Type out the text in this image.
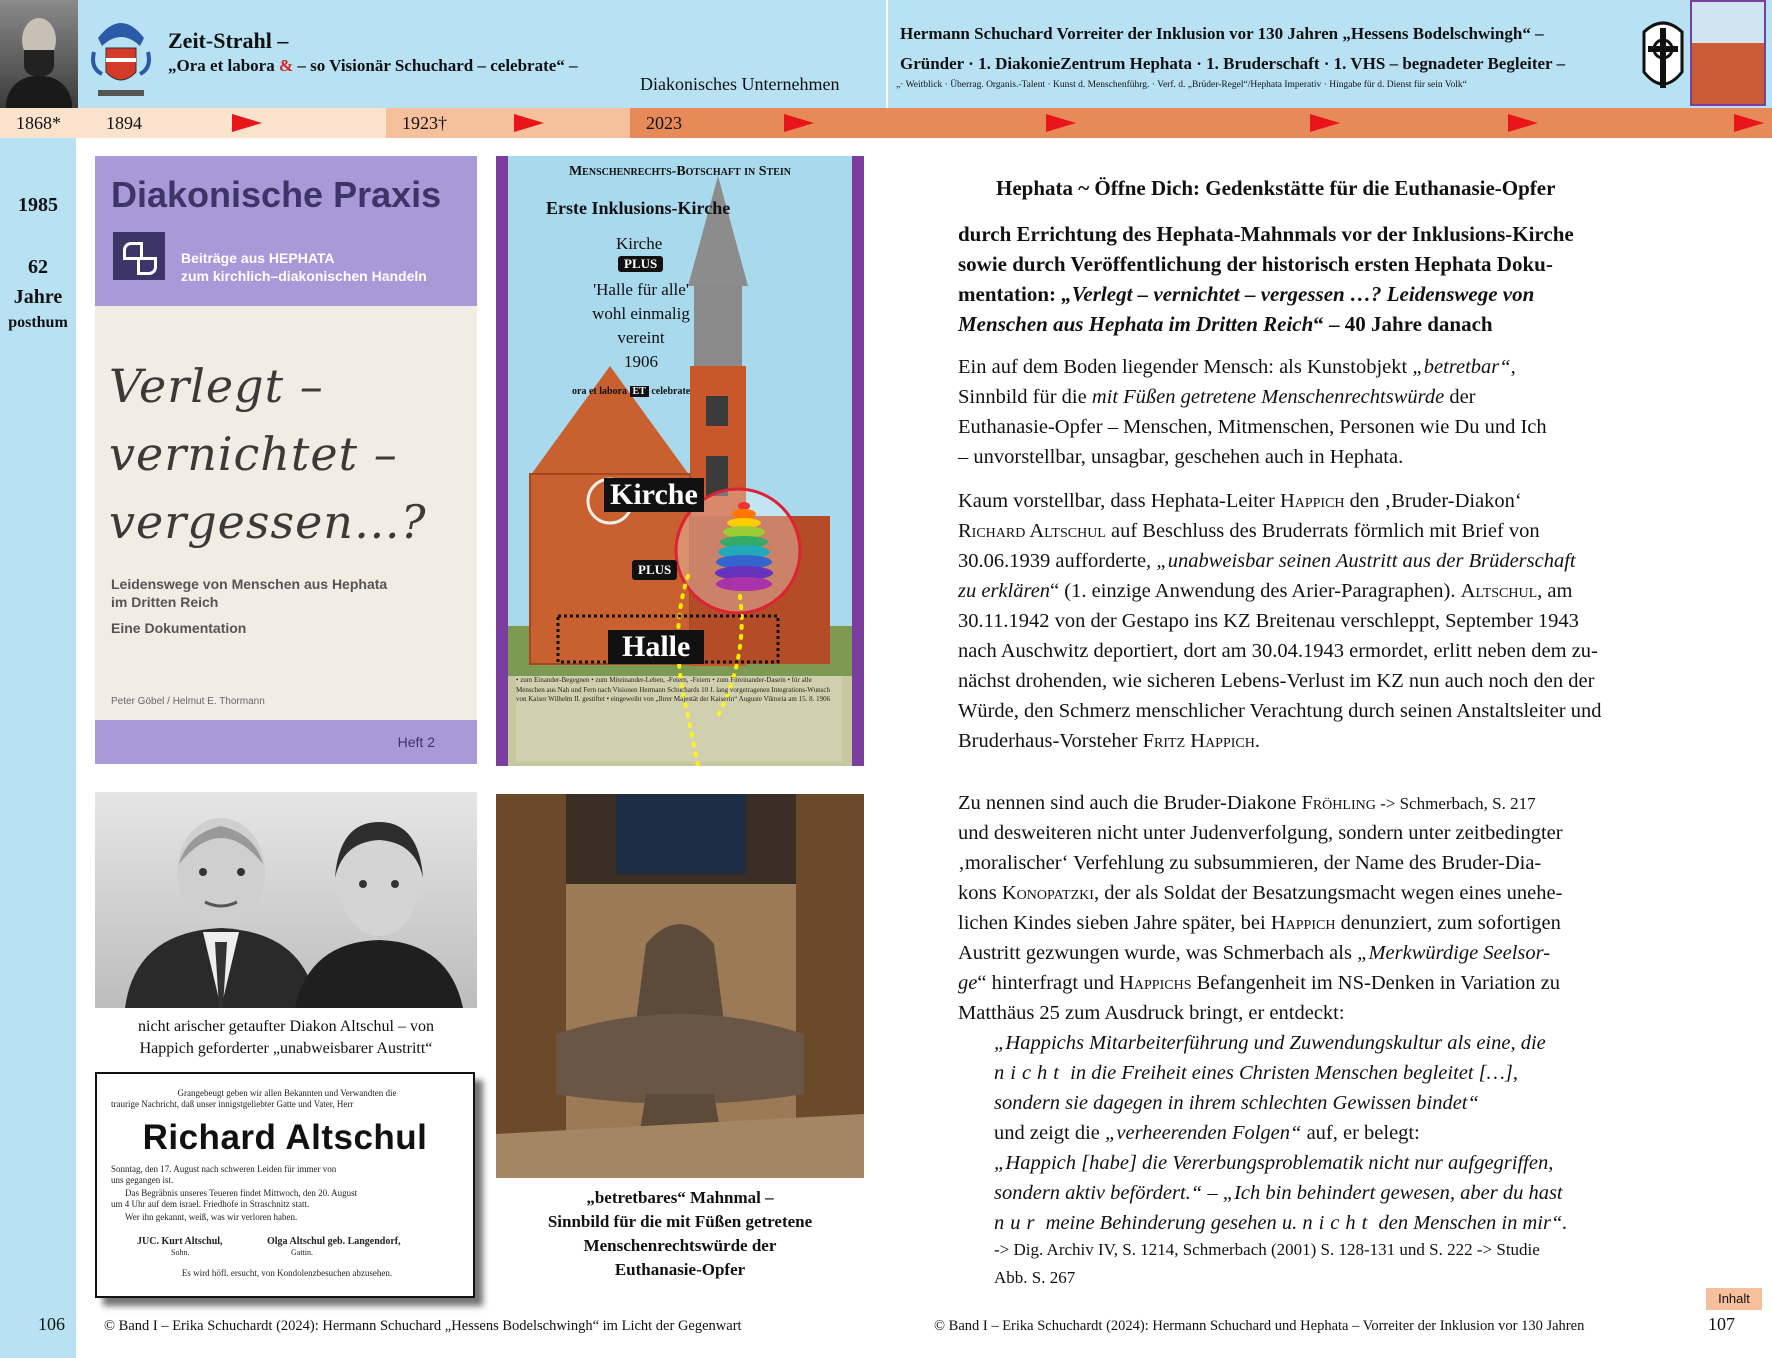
Zeit-Strahl –
„Ora et labora & – so Visionär Schuchard – celebrate“ –
Diakonisches Unternehmen
Hermann Schuchard Vorreiter der Inklusion vor 130 Jahren „Hessens Bodelschwingh“ –
Gründer · 1. DiakonieZentrum Hephata · 1. Bruderschaft · 1. VHS – begnadeter Begleiter –
„· Weitblick · Überrag. Organis.-Talent · Kunst d. Menschenführg. · Verf. d. „Brüder-Regel“/Hephata Imperativ · Hingabe für d. Dienst für sein Volk“
1868*	1894	1923†	2023
1985
62
Jahre
posthum
Diakonische Praxis
Beiträge aus HEPHATA
zum kirchlich–diakonischen Handeln
Verlegt –
vernichtet –
vergessen…?
Leidenswege von Menschen aus Hephata
im Dritten Reich
Eine Dokumentation
Peter Göbel / Helmut E. Thormann
Heft 2
Menschenrechts-Botschaft in Stein
Erste Inklusions-Kirche
Kirche
PLUS
'Halle für alle'
wohl einmalig
vereint
1906
ora et labora ET celebrate
Kirche
PLUS
Halle
• zum Einander-Begegnen • zum Miteinander-Leben, -Feiern, -Feiern • zum Füreinander-Dasein • für alle Menschen aus Nah und Fern nach Visionen Hermann Schuchards 10 J. lang vorgetragenen Integrations-Wunsch von Kaiser Wilhelm II. gestiftet • eingeweiht von „Ihrer Majestät der Kaiserin“ Auguste Viktoria am 15. 8. 1906
100 Jahre Kirche in Hephata 1906–2006	Erste Inklusions-Kirche Kirche Plus 'Halle für alle'
nicht arischer getaufter Diakon Altschul – von
Happich geforderter „unabweisbarer Austritt“
Grangebeugt geben wir allen Bekannten und Verwandten die
traurige Nachricht, daß unser innigstgeliebter Gatte und Vater, Herr
Richard Altschul
Sonntag, den 17. August nach schweren Leiden für immer von
uns gegangen ist.
Das Begräbnis unseres Teueren findet Mittwoch, den 20. August
um 4 Uhr auf dem israel. Friedhofe in Straschnitz statt.
Wer ihn gekannt, weiß, was wir verloren haben.
JUC. Kurt Altschul,
Sohn.
Olga Altschul geb. Langendorf,
Gattin.
Es wird höfl. ersucht, von Kondolenzbesuchen abzusehen.
„betretbares“ Mahnmal –
Sinnbild für die mit Füßen getretene
Menschenrechtswürde der
Euthanasie-Opfer
Hephata ~ Öffne Dich: Gedenkstätte für die Euthanasie-Opfer
durch Errichtung des Hephata-Mahnmals vor der Inklusions-Kirche
sowie durch Veröffentlichung der historisch ersten Hephata Doku-
mentation: „Verlegt – vernichtet – vergessen …? Leidenswege von
Menschen aus Hephata im Dritten Reich“ – 40 Jahre danach
Ein auf dem Boden liegender Mensch: als Kunstobjekt „betretbar“,
Sinnbild für die mit Füßen getretene Menschenrechtswürde der
Euthanasie-Opfer – Menschen, Mitmenschen, Personen wie Du und Ich
– unvorstellbar, unsagbar, geschehen auch in Hephata.
Kaum vorstellbar, dass Hephata-Leiter Happich den ‚Bruder-Diakon‘
Richard Altschul auf Beschluss des Bruderrats förmlich mit Brief von
30.06.1939 aufforderte, „unabweisbar seinen Austritt aus der Brüderschaft
zu erklären“ (1. einzige Anwendung des Arier-Paragraphen). Altschul, am
30.11.1942 von der Gestapo ins KZ Breitenau verschleppt, September 1943
nach Auschwitz deportiert, dort am 30.04.1943 ermordet, erlitt neben dem zu-
nächst drohenden, wie sicheren Lebens-Verlust im KZ nun auch noch den der
Würde, den Schmerz menschlicher Verachtung durch seinen Anstaltsleiter und
Bruderhaus-Vorsteher Fritz Happich.
Zu nennen sind auch die Bruder-Diakone Fröhling -> Schmerbach, S. 217
und desweiteren nicht unter Judenverfolgung, sondern unter zeitbedingter
‚moralischer‘ Verfehlung zu subsummieren, der Name des Bruder-Dia-
kons Konopatzki, der als Soldat der Besatzungsmacht wegen eines unehe-
lichen Kindes sieben Jahre später, bei Happich denunziert, zum sofortigen
Austritt gezwungen wurde, was Schmerbach als „Merkwürdige Seelsor-
ge“ hinterfragt und Happichs Befangenheit im NS-Denken in Variation zu
Matthäus 25 zum Ausdruck bringt, er entdeckt:
„Happichs Mitarbeiterführung und Zuwendungskultur als eine, die
nicht in die Freiheit eines Christen Menschen begleitet […],
sondern sie dagegen in ihrem schlechten Gewissen bindet“
und zeigt die „verheerenden Folgen“ auf, er belegt:
„Happich [habe] die Vererbungsproblematik nicht nur aufgegriffen,
sondern aktiv befördert.“ – „Ich bin behindert gewesen, aber du hast
nur meine Behinderung gesehen u. nicht den Menschen in mir“.
-> Dig. Archiv IV, S. 1214, Schmerbach (2001) S. 128-131 und S. 222 -> Studie
Abb. S. 267
Inhalt
106	© Band I – Erika Schuchardt (2024): Hermann Schuchard „Hessens Bodelschwingh“ im Licht der Gegenwart	© Band I – Erika Schuchardt (2024): Hermann Schuchard und Hephata – Vorreiter der Inklusion vor 130 Jahren	107
